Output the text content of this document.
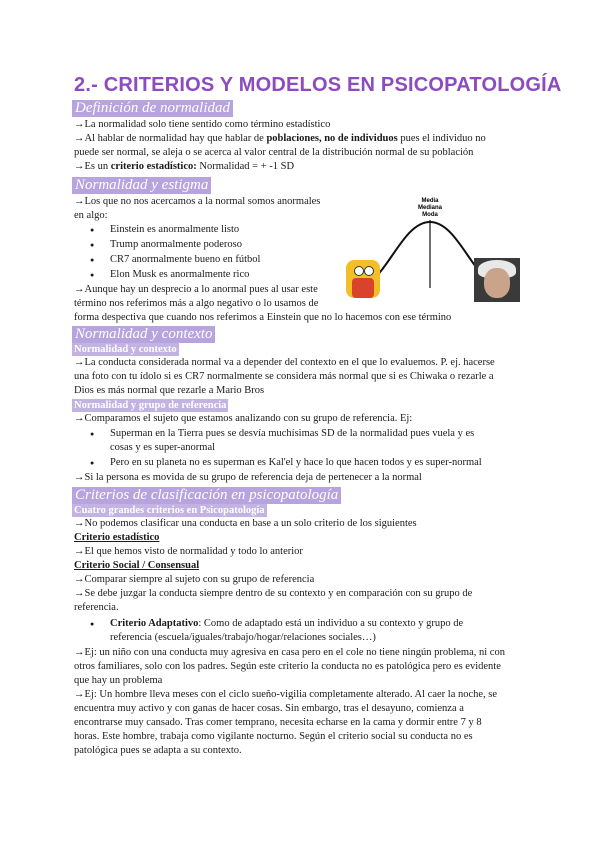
2.- CRITERIOS Y MODELOS EN PSICOPATOLOGÍA
Definición de normalidad
→La normalidad solo tiene sentido como término estadístico
→Al hablar de normalidad hay que hablar de poblaciones, no de individuos pues el individuo no
puede ser normal, se aleja o se acerca al valor central de la distribución normal de su población
→Es un criterio estadístico: Normalidad = + -1 SD
Normalidad y estigma
→Los que no nos acercamos a la normal somos anormales
en algo:
Einstein es anormalmente listo
Trump anormalmente poderoso
CR7 anormalmente bueno en fútbol
Elon Musk es anormalmente rico
→Aunque hay un desprecio a lo anormal pues al usar este
término nos referimos más a algo negativo o lo usamos de
forma despectiva que cuando nos referimos a Einstein que no lo hacemos con ese término
Media
Mediana
Moda
Normalidad y contexto
Normalidad y contexto
→La conducta considerada normal va a depender del contexto en el que lo evaluemos. P. ej. hacerse
una foto con tu ídolo si es CR7 normalmente se considera más normal que si es Chiwaka o rezarle a
Dios es más normal que rezarle a Mario Bros
Normalidad y grupo de referencia
→Comparamos el sujeto que estamos analizando con su grupo de referencia. Ej:
Superman en la Tierra pues se desvía muchísimas SD de la normalidad pues vuela y es
cosas y es super-anormal
Pero en su planeta no es superman es Kal'el y hace lo que hacen todos y es super-normal
→Si la persona es movida de su grupo de referencia deja de pertenecer a la normal
Criterios de clasificación en psicopatología
Cuatro grandes criterios en Psicopatología
→No podemos clasificar una conducta en base a un solo criterio de los siguientes
Criterio estadístico
→El que hemos visto de normalidad y todo lo anterior
Criterio Social / Consensual
→Comparar siempre al sujeto con su grupo de referencia
→Se debe juzgar la conducta siempre dentro de su contexto y en comparación con su grupo de
referencia.
Criterio Adaptativo: Como de adaptado está un individuo a su contexto y grupo de
referencia (escuela/iguales/trabajo/hogar/relaciones sociales…)
→Ej: un niño con una conducta muy agresiva en casa pero en el cole no tiene ningún problema, ni con
otros familiares, solo con los padres. Según este criterio la conducta no es patológica pero es evidente
que hay un problema
→Ej: Un hombre lleva meses con el ciclo sueño-vigilia completamente alterado. Al caer la noche, se
encuentra muy activo y con ganas de hacer cosas. Sin embargo, tras el desayuno, comienza a
encontrarse muy cansado. Tras comer temprano, necesita echarse en la cama y dormir entre 7 y 8
horas. Este hombre, trabaja como vigilante nocturno. Según el criterio social su conducta no es
patológica pues se adapta a su contexto.
